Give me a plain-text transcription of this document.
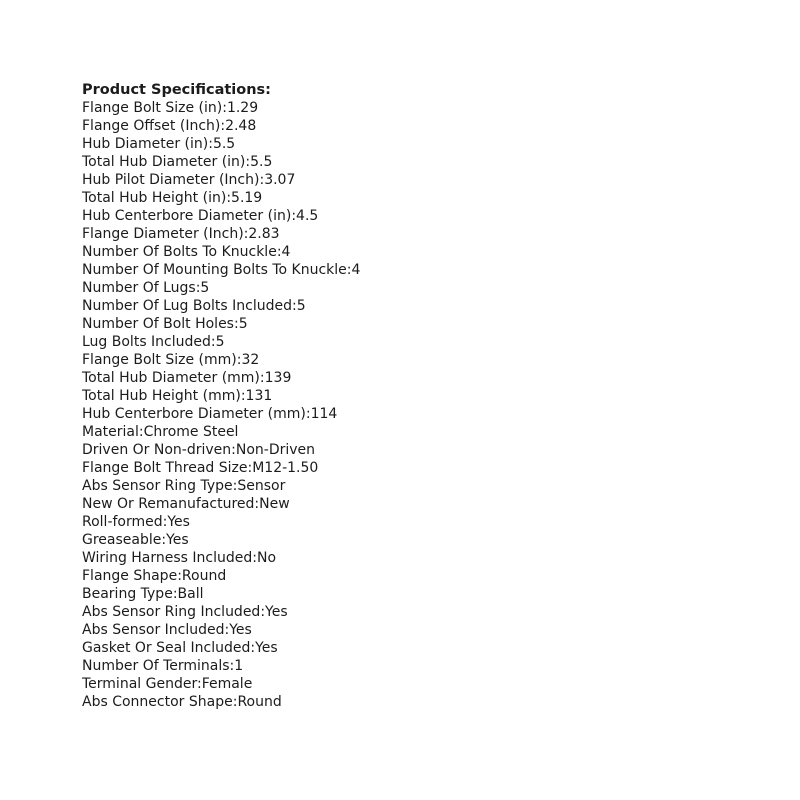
Product Specifications:
Flange Bolt Size (in):1.29
Flange Offset (Inch):2.48
Hub Diameter (in):5.5
Total Hub Diameter (in):5.5
Hub Pilot Diameter (Inch):3.07
Total Hub Height (in):5.19
Hub Centerbore Diameter (in):4.5
Flange Diameter (Inch):2.83
Number Of Bolts To Knuckle:4
Number Of Mounting Bolts To Knuckle:4
Number Of Lugs:5
Number Of Lug Bolts Included:5
Number Of Bolt Holes:5
Lug Bolts Included:5
Flange Bolt Size (mm):32
Total Hub Diameter (mm):139
Total Hub Height (mm):131
Hub Centerbore Diameter (mm):114
Material:Chrome Steel
Driven Or Non-driven:Non-Driven
Flange Bolt Thread Size:M12-1.50
Abs Sensor Ring Type:Sensor
New Or Remanufactured:New
Roll-formed:Yes
Greaseable:Yes
Wiring Harness Included:No
Flange Shape:Round
Bearing Type:Ball
Abs Sensor Ring Included:Yes
Abs Sensor Included:Yes
Gasket Or Seal Included:Yes
Number Of Terminals:1
Terminal Gender:Female
Abs Connector Shape:Round
